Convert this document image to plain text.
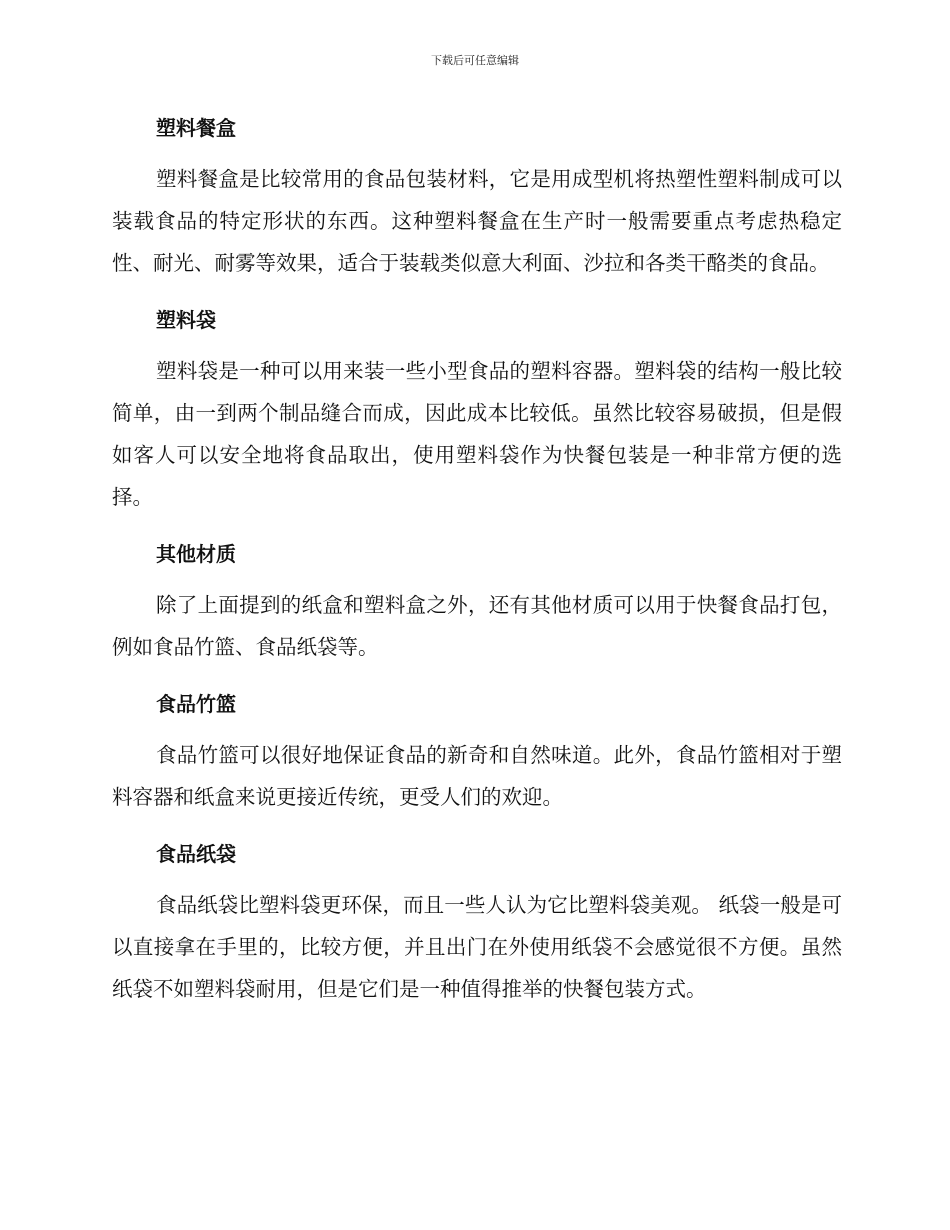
下载后可任意编辑
塑料餐盒

塑料餐盒是比较常用的食品包装材料，它是用成型机将热塑性塑料制成可以装载食品的特定形状的东西。这种塑料餐盒在生产时一般需要重点考虑热稳定性、耐光、耐雾等效果，适合于装载类似意大利面、沙拉和各类干酪类的食品。

塑料袋

塑料袋是一种可以用来装一些小型食品的塑料容器。塑料袋的结构一般比较简单，由一到两个制品缝合而成，因此成本比较低。虽然比较容易破损，但是假如客人可以安全地将食品取出，使用塑料袋作为快餐包装是一种非常方便的选择。

其他材质

除了上面提到的纸盒和塑料盒之外，还有其他材质可以用于快餐食品打包，例如食品竹篮、食品纸袋等。

食品竹篮

食品竹篮可以很好地保证食品的新奇和自然味道。此外，食品竹篮相对于塑料容器和纸盒来说更接近传统，更受人们的欢迎。

食品纸袋

食品纸袋比塑料袋更环保，而且一些人认为它比塑料袋美观。 纸袋一般是可以直接拿在手里的，比较方便，并且出门在外使用纸袋不会感觉很不方便。虽然纸袋不如塑料袋耐用，但是它们是一种值得推举的快餐包装方式。
